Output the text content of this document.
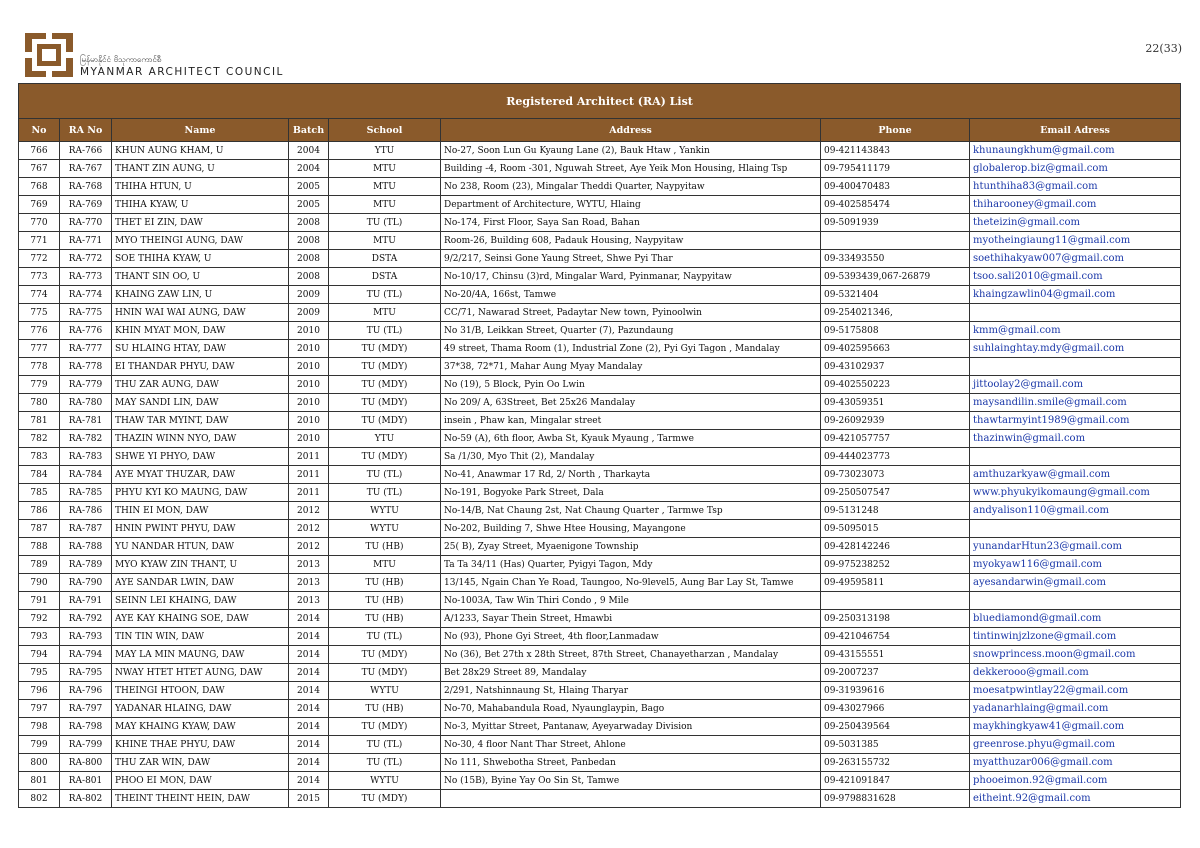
မြန်မာနိုင်ငံ ဗိသုကာကောင်စီ
MYANMAR ARCHITECT COUNCIL
22(33)
Registered Architect (RA) List							
No	RA No	Name	Batch	School	Address	Phone	Email Adress
766	RA-766	KHUN AUNG KHAM, U	2004	YTU	No-27, Soon Lun Gu Kyaung Lane (2), Bauk Htaw , Yankin	09-421143843	khunaungkhum@gmail.com
767	RA-767	THANT ZIN AUNG, U	2004	MTU	Building -4, Room -301, Nguwah Street, Aye Yeik Mon Housing, Hlaing Tsp	09-795411179	globalerop.biz@gmail.com
768	RA-768	THIHA HTUN, U	2005	MTU	No 238, Room (23), Mingalar Theddi Quarter, Naypyitaw	09-400470483	htunthiha83@gmail.com
769	RA-769	THIHA KYAW, U	2005	MTU	Department of Architecture, WYTU, Hlaing	09-402585474	thiharooney@gmail.com
770	RA-770	THET EI ZIN, DAW	2008	TU (TL)	No-174, First Floor, Saya San Road, Bahan	09-5091939	theteizin@gmail.com
771	RA-771	MYO THEINGI AUNG, DAW	2008	MTU	Room-26, Building 608, Padauk Housing, Naypyitaw		myotheingiaung11@gmail.com
772	RA-772	SOE THIHA KYAW, U	2008	DSTA	9/2/217, Seinsi Gone Yaung Street, Shwe Pyi Thar	09-33493550	soethihakyaw007@gmail.com
773	RA-773	THANT SIN OO, U	2008	DSTA	No-10/17, Chinsu (3)rd, Mingalar Ward, Pyinmanar, Naypyitaw	09-5393439,067-26879	tsoo.sali2010@gmail.com
774	RA-774	KHAING ZAW LIN, U	2009	TU (TL)	No-20/4A, 166st, Tamwe	09-5321404	khaingzawlin04@gmail.com
775	RA-775	HNIN WAI WAI AUNG, DAW	2009	MTU	CC/71, Nawarad Street, Padaytar New town, Pyinoolwin	09-254021346,	
776	RA-776	KHIN MYAT MON, DAW	2010	TU (TL)	No 31/B, Leikkan Street, Quarter (7), Pazundaung	09-5175808	kmm@gmail.com
777	RA-777	SU HLAING HTAY, DAW	2010	TU (MDY)	49 street, Thama Room (1), Industrial Zone (2), Pyi Gyi Tagon , Mandalay	09-402595663	suhlainghtay.mdy@gmail.com
778	RA-778	EI THANDAR PHYU, DAW	2010	TU (MDY)	37*38, 72*71, Mahar Aung Myay Mandalay	09-43102937	
779	RA-779	THU ZAR AUNG, DAW	2010	TU (MDY)	No (19), 5 Block, Pyin Oo Lwin	09-402550223	jittoolay2@gmail.com
780	RA-780	MAY SANDI LIN, DAW	2010	TU (MDY)	No 209/ A, 63Street, Bet 25x26 Mandalay	09-43059351	maysandilin.smile@gmail.com
781	RA-781	THAW TAR MYINT, DAW	2010	TU (MDY)	insein , Phaw kan, Mingalar street	09-26092939	thawtarmyint1989@gmail.com
782	RA-782	THAZIN WINN NYO, DAW	2010	YTU	No-59 (A), 6th floor, Awba St, Kyauk Myaung , Tarmwe	09-421057757	thazinwin@gmail.com
783	RA-783	SHWE YI PHYO, DAW	2011	TU (MDY)	Sa /1/30, Myo Thit (2), Mandalay	09-444023773	
784	RA-784	AYE MYAT THUZAR, DAW	2011	TU (TL)	No-41, Anawmar 17 Rd, 2/ North , Tharkayta	09-73023073	amthuzarkyaw@gmail.com
785	RA-785	PHYU KYI KO MAUNG, DAW	2011	TU (TL)	No-191, Bogyoke Park Street, Dala	09-250507547	www.phyukyikomaung@gmail.com
786	RA-786	THIN EI MON, DAW	2012	WYTU	No-14/B, Nat Chaung 2st, Nat Chaung Quarter , Tarmwe Tsp	09-5131248	andyalison110@gmail.com
787	RA-787	HNIN PWINT PHYU, DAW	2012	WYTU	No-202, Building 7, Shwe Htee Housing, Mayangone	09-5095015	
788	RA-788	YU NANDAR HTUN, DAW	2012	TU (HB)	25( B), Zyay Street, Myaenigone Township	09-428142246	yunandarHtun23@gmail.com
789	RA-789	MYO KYAW ZIN THANT, U	2013	MTU	Ta Ta 34/11 (Has) Quarter, Pyigyi Tagon, Mdy	09-975238252	myokyaw116@gmail.com
790	RA-790	AYE SANDAR LWIN, DAW	2013	TU (HB)	13/145, Ngain Chan Ye Road, Taungoo, No-9level5, Aung Bar Lay St, Tamwe	09-49595811	ayesandarwin@gmail.com
791	RA-791	SEINN LEI KHAING, DAW	2013	TU (HB)	No-1003A, Taw Win Thiri Condo , 9 Mile		
792	RA-792	AYE KAY KHAING SOE, DAW	2014	TU (HB)	A/1233, Sayar Thein Street, Hmawbi	09-250313198	bluediamond@gmail.com
793	RA-793	TIN TIN WIN, DAW	2014	TU (TL)	No (93), Phone Gyi Street, 4th floor,Lanmadaw	09-421046754	tintinwinjzlzone@gmail.com
794	RA-794	MAY LA MIN MAUNG, DAW	2014	TU (MDY)	No (36), Bet 27th x 28th Street, 87th Street, Chanayetharzan , Mandalay	09-43155551	snowprincess.moon@gmail.com
795	RA-795	NWAY HTET HTET AUNG, DAW	2014	TU (MDY)	Bet 28x29 Street 89, Mandalay	09-2007237	dekkerooo@gmail.com
796	RA-796	THEINGI HTOON, DAW	2014	WYTU	2/291, Natshinnaung St, Hlaing Tharyar	09-31939616	moesatpwintlay22@gmail.com
797	RA-797	YADANAR HLAING, DAW	2014	TU (HB)	No-70, Mahabandula Road, Nyaunglaypin, Bago	09-43027966	yadanarhlaing@gmail.com
798	RA-798	MAY KHAING KYAW, DAW	2014	TU (MDY)	No-3, Myittar Street, Pantanaw, Ayeyarwaday Division	09-250439564	maykhingkyaw41@gmail.com
799	RA-799	KHINE THAE PHYU, DAW	2014	TU (TL)	No-30, 4 floor Nant Thar Street, Ahlone	09-5031385	greenrose.phyu@gmail.com
800	RA-800	THU ZAR WIN, DAW	2014	TU (TL)	No 111, Shwebotha Street, Panbedan	09-263155732	myatthuzar006@gmail.com
801	RA-801	PHOO EI MON, DAW	2014	WYTU	No (15B), Byine Yay Oo Sin St, Tamwe	09-421091847	phooeimon.92@gmail.com
802	RA-802	THEINT THEINT HEIN, DAW	2015	TU (MDY)		09-9798831628	eitheint.92@gmail.com
